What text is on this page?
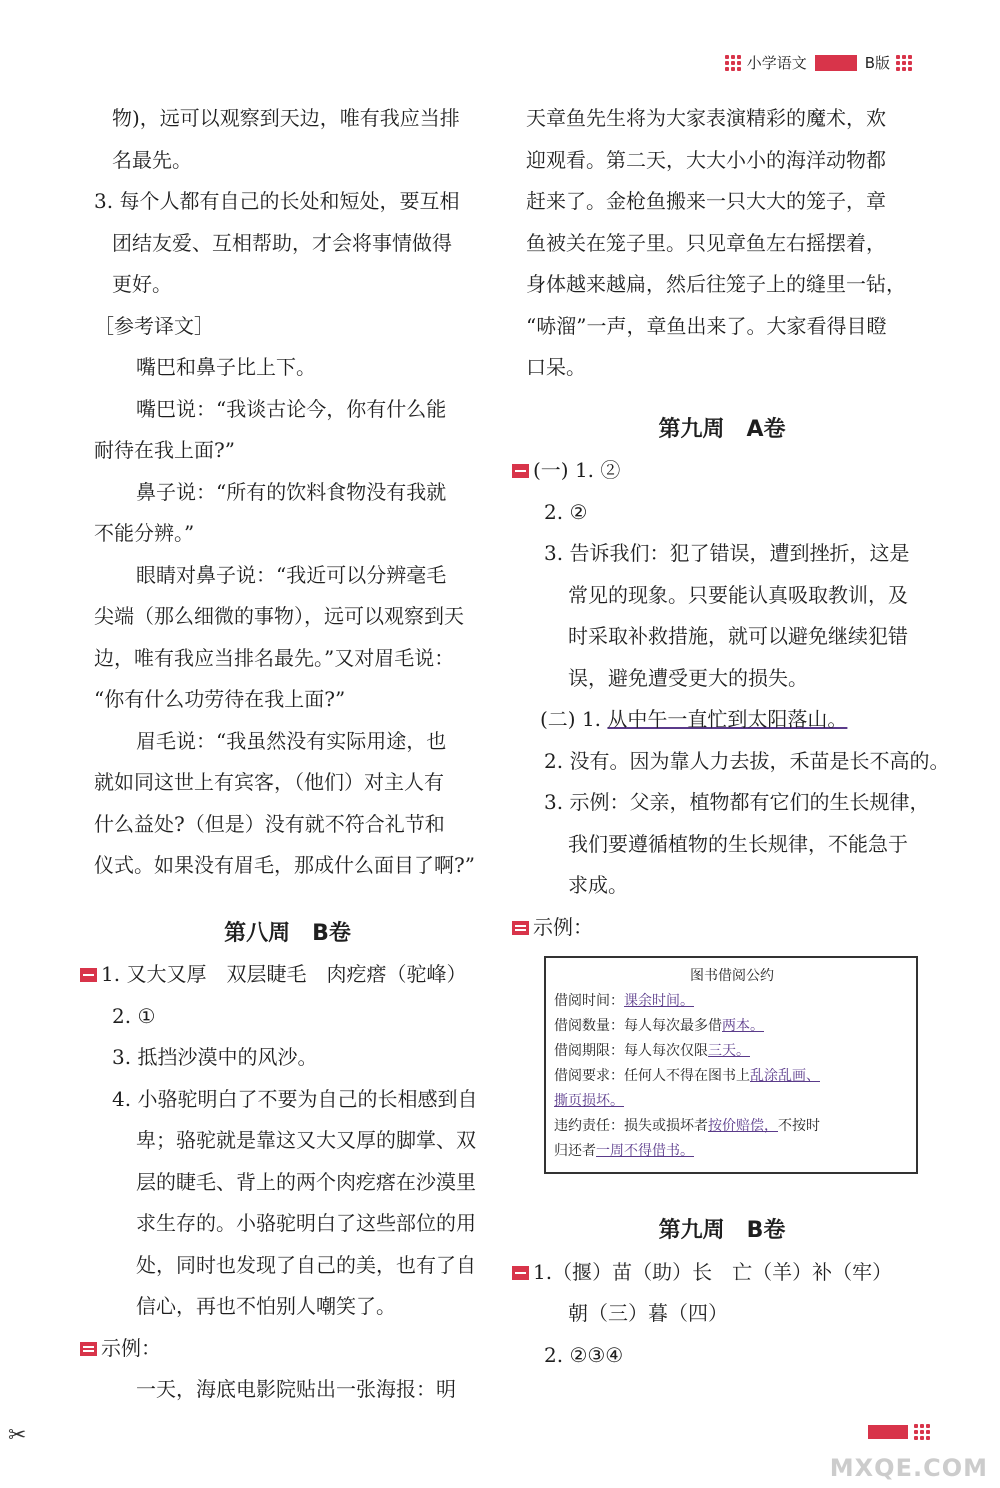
小学语文	B版
物)，远可以观察到天边，唯有我应当排
名最先。
3. 每个人都有自己的长处和短处，要互相
团结友爱、互相帮助，才会将事情做得
更好。
［参考译文］
嘴巴和鼻子比上下。
嘴巴说：“我谈古论今，你有什么能
耐待在我上面?”
鼻子说：“所有的饮料食物没有我就
不能分辨。”
眼睛对鼻子说：“我近可以分辨毫毛
尖端（那么细微的事物），远可以观察到天
边，唯有我应当排名最先。”又对眉毛说：
“你有什么功劳待在我上面?”
眉毛说：“我虽然没有实际用途，也
就如同这世上有宾客，（他们）对主人有
什么益处?（但是）没有就不符合礼节和
仪式。如果没有眉毛，那成什么面目了啊?”
第八周　B卷
1. 又大又厚　双层睫毛　肉疙瘩（驼峰）
2. ①
3. 抵挡沙漠中的风沙。
4. 小骆驼明白了不要为自己的长相感到自
卑；骆驼就是靠这又大又厚的脚掌、双
层的睫毛、背上的两个肉疙瘩在沙漠里
求生存的。小骆驼明白了这些部位的用
处，同时也发现了自己的美，也有了自
信心，再也不怕别人嘲笑了。
示例：
一天，海底电影院贴出一张海报：明
天章鱼先生将为大家表演精彩的魔术，欢
迎观看。第二天，大大小小的海洋动物都
赶来了。金枪鱼搬来一只大大的笼子，章
鱼被关在笼子里。只见章鱼左右摇摆着，
身体越来越扁，然后往笼子上的缝里一钻，
“哧溜”一声，章鱼出来了。大家看得目瞪
口呆。
第九周　A卷
(一) 1. ②
2. ②
3. 告诉我们：犯了错误，遭到挫折，这是
常见的现象。只要能认真吸取教训，及
时采取补救措施，就可以避免继续犯错
误，避免遭受更大的损失。
(二) 1. 从中午一直忙到太阳落山。
2. 没有。因为靠人力去拔，禾苗是长不高的。
3. 示例：父亲，植物都有它们的生长规律，
我们要遵循植物的生长规律，不能急于
求成。
示例：
图书借阅公约
借阅时间：课余时间。
借阅数量：每人每次最多借两本。
借阅期限：每人每次仅限三天。
借阅要求：任何人不得在图书上乱涂乱画、
撕页损坏。
违约责任：损失或损坏者按价赔偿，不按时
归还者一周不得借书。
第九周　B卷
1.（揠）苗（助）长　亡（羊）补（牢）
朝（三）暮（四）
2. ②③④
✂
MXQE.COM
